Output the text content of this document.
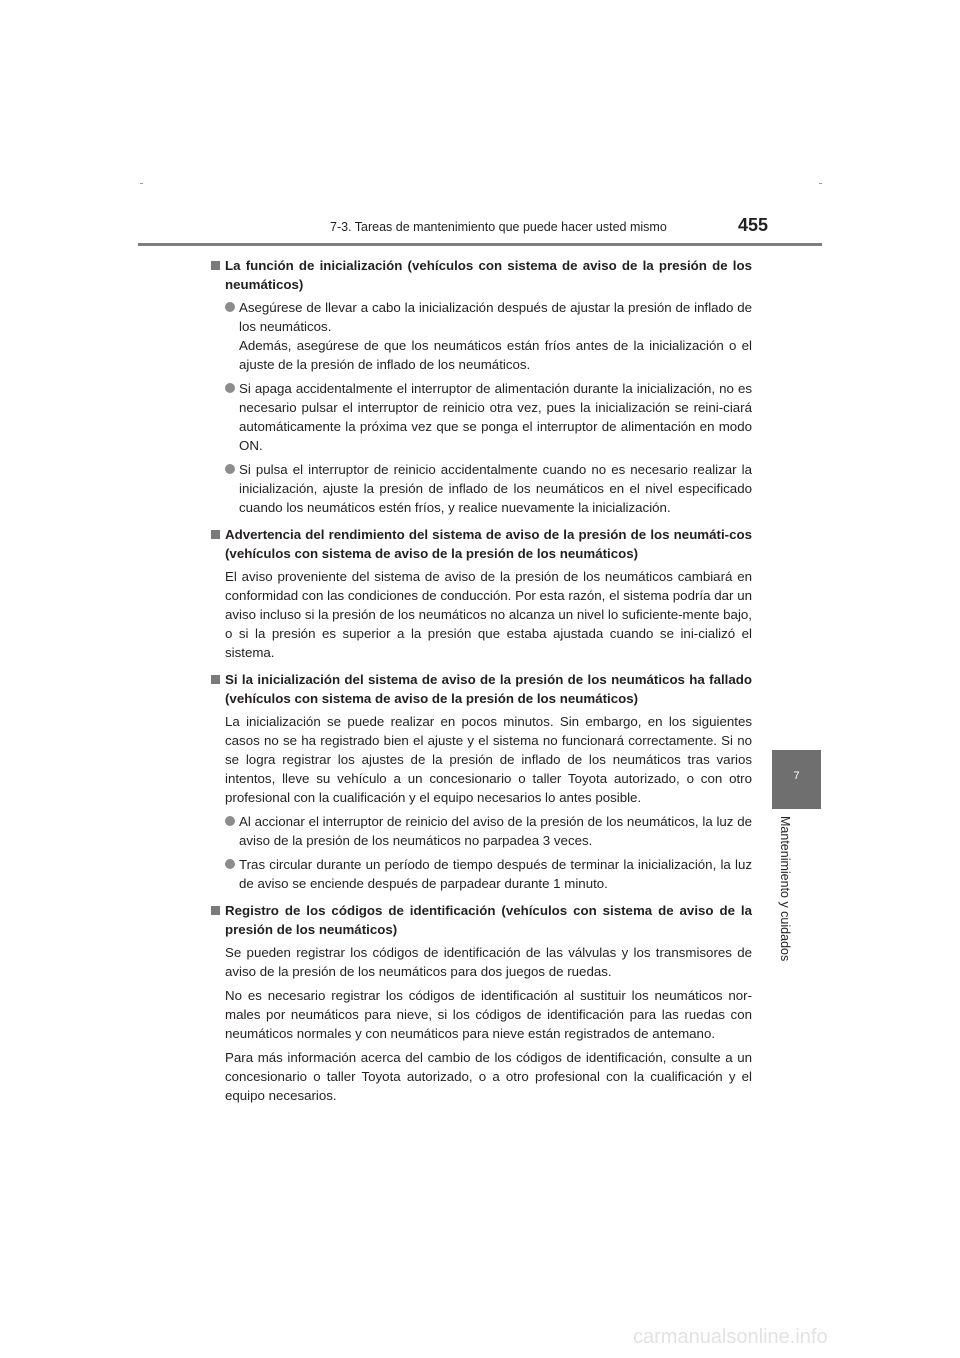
7-3. Tareas de mantenimiento que puede hacer usted mismo	455
7
Mantenimiento y cuidados
La función de inicialización (vehículos con sistema de aviso de la presión de los neumáticos)
Asegúrese de llevar a cabo la inicialización después de ajustar la presión de inflado de los neumáticos.
Además, asegúrese de que los neumáticos están fríos antes de la inicialización o el ajuste de la presión de inflado de los neumáticos.
Si apaga accidentalmente el interruptor de alimentación durante la inicialización, no es necesario pulsar el interruptor de reinicio otra vez, pues la inicialización se reini-ciará automáticamente la próxima vez que se ponga el interruptor de alimentación en modo ON.
Si pulsa el interruptor de reinicio accidentalmente cuando no es necesario realizar la inicialización, ajuste la presión de inflado de los neumáticos en el nivel especificado cuando los neumáticos estén fríos, y realice nuevamente la inicialización.
Advertencia del rendimiento del sistema de aviso de la presión de los neumáti-cos (vehículos con sistema de aviso de la presión de los neumáticos)
El aviso proveniente del sistema de aviso de la presión de los neumáticos cambiará en conformidad con las condiciones de conducción. Por esta razón, el sistema podría dar un aviso incluso si la presión de los neumáticos no alcanza un nivel lo suficiente-mente bajo, o si la presión es superior a la presión que estaba ajustada cuando se ini-cializó el sistema.
Si la inicialización del sistema de aviso de la presión de los neumáticos ha fallado (vehículos con sistema de aviso de la presión de los neumáticos)
La inicialización se puede realizar en pocos minutos. Sin embargo, en los siguientes casos no se ha registrado bien el ajuste y el sistema no funcionará correctamente. Si no se logra registrar los ajustes de la presión de inflado de los neumáticos tras varios intentos, lleve su vehículo a un concesionario o taller Toyota autorizado, o con otro profesional con la cualificación y el equipo necesarios lo antes posible.
Al accionar el interruptor de reinicio del aviso de la presión de los neumáticos, la luz de aviso de la presión de los neumáticos no parpadea 3 veces.
Tras circular durante un período de tiempo después de terminar la inicialización, la luz de aviso se enciende después de parpadear durante 1 minuto.
Registro de los códigos de identificación (vehículos con sistema de aviso de la presión de los neumáticos)
Se pueden registrar los códigos de identificación de las válvulas y los transmisores de aviso de la presión de los neumáticos para dos juegos de ruedas.
No es necesario registrar los códigos de identificación al sustituir los neumáticos nor-males por neumáticos para nieve, si los códigos de identificación para las ruedas con neumáticos normales y con neumáticos para nieve están registrados de antemano.
Para más información acerca del cambio de los códigos de identificación, consulte a un concesionario o taller Toyota autorizado, o a otro profesional con la cualificación y el equipo necesarios.
carmanualsonline.info
